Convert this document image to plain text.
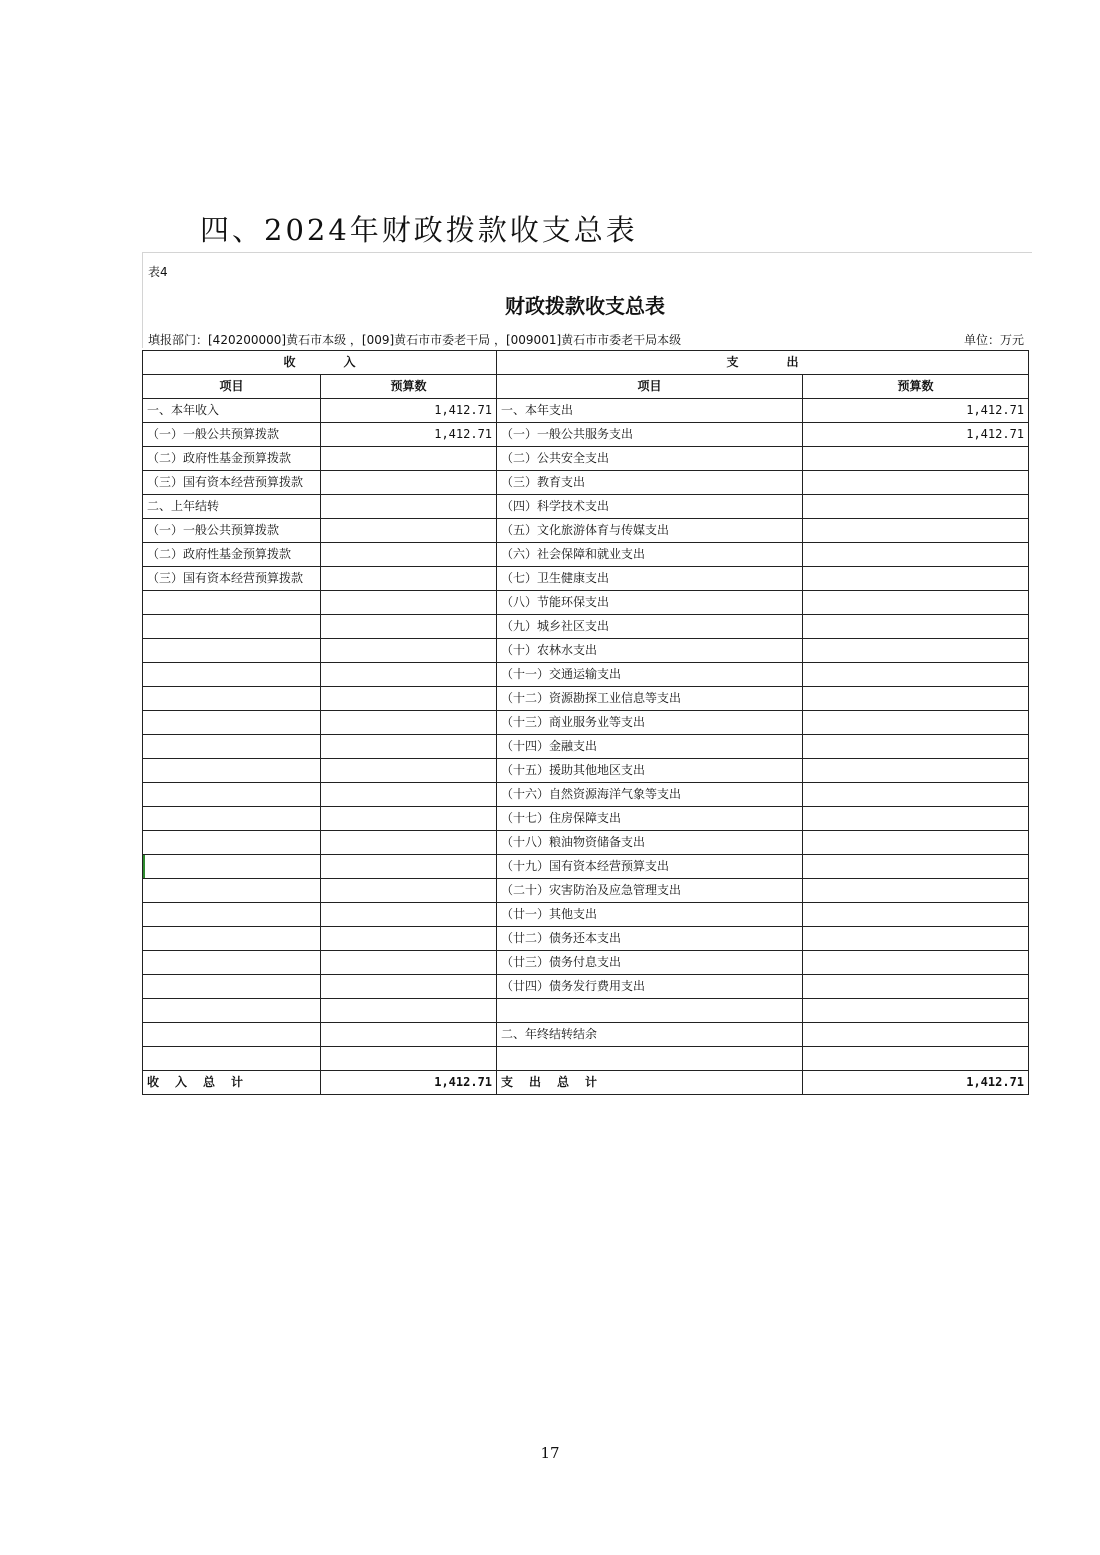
四、2024年财政拨款收支总表
表4
财政拨款收支总表
填报部门：[420200000]黄石市本级 ，[009]黄石市市委老干局 ，[009001]黄石市市委老干局本级	单位：万元
收　　　　入		支　　　　出	
项目	预算数	项目	预算数
一、本年收入	1,412.71	一、本年支出	1,412.71
（一）一般公共预算拨款	1,412.71	（一）一般公共服务支出	1,412.71
（二）政府性基金预算拨款		（二）公共安全支出	
（三）国有资本经营预算拨款		（三）教育支出	
二、上年结转		（四）科学技术支出	
（一）一般公共预算拨款		（五）文化旅游体育与传媒支出	
（二）政府性基金预算拨款		（六）社会保障和就业支出	
（三）国有资本经营预算拨款		（七）卫生健康支出	
		（八）节能环保支出	
		（九）城乡社区支出	
		（十）农林水支出	
		（十一）交通运输支出	
		（十二）资源勘探工业信息等支出	
		（十三）商业服务业等支出	
		（十四）金融支出	
		（十五）援助其他地区支出	
		（十六）自然资源海洋气象等支出	
		（十七）住房保障支出	
		（十八）粮油物资储备支出	
		（十九）国有资本经营预算支出	
		（二十）灾害防治及应急管理支出	
		（廿一）其他支出	
		（廿二）债务还本支出	
		（廿三）债务付息支出	
		（廿四）债务发行费用支出	

		二、年终结转结余	

收入总计	1,412.71	支出总计	1,412.71
17
